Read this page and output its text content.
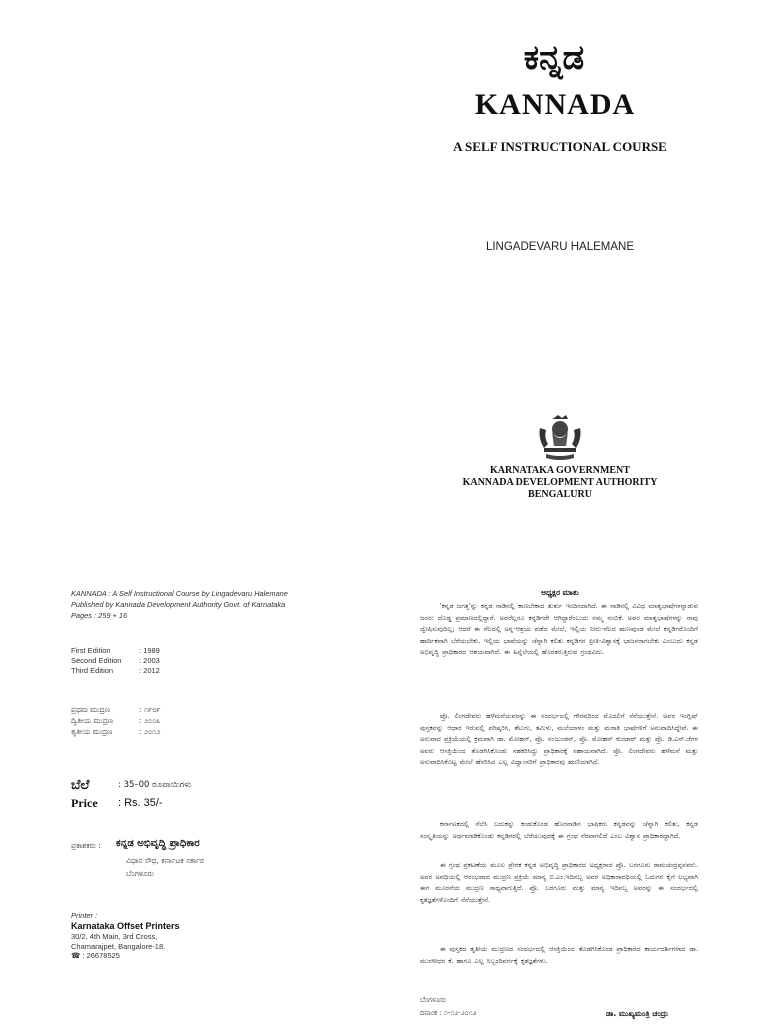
ಕನ್ನಡ
KANNADA
A SELF INSTRUCTIONAL COURSE
LINGADEVARU HALEMANE
KARNATAKA GOVERNMENT
KANNADA DEVELOPMENT AUTHORITY
BENGALURU
KANNADA : A Self Instructional Course by Lingadevaru Halemane
Published by Kannada Development Authority Govt. of Karnataka
Pages : 259 + 16
First Edition	: 1989
Second Edition : 2003
Third Edition	: 2012
ಪ್ರಥಮ ಮುದ್ರಣ	: ೧೯೮೯
ದ್ವಿತೀಯ ಮುದ್ರಣ	: ೨೦೦೩
ತೃತೀಯ ಮುದ್ರಣ	: ೨೦೧೨
ಬೆಲೆ	: 35–00 ರೂಪಾಯಿಗಳು
Price : Rs. 35/-
ಪ್ರಕಾಶಕರು : ಕನ್ನಡ ಅಭಿವೃದ್ಧಿ ಪ್ರಾಧಿಕಾರ
ವಿಧಾನ ಸೌಧ, ಕರ್ನಾಟಕ ಸರ್ಕಾರ
ಬೆಂಗಳೂರು
Printer :
Karnataka Offset Printers
30/2, 4th Main, 3rd Cross,
Chamarajpet, Bangalore-18.
☎ : 26678525
ಅಧ್ಯಕ್ಷರ ಮಾತು
'ಕನ್ನಡ ಜಗತ್ತ'ನ್ನು ಕನ್ನಡ ನಾಡಿನಲ್ಲಿ ಕಾಣಬೇಕಾದ ತುರ್ತು ಇಂದಿನದಾಗಿದೆ. ಈ ನಾಡಿನಲ್ಲಿ ವಿವಿಧ ಮಾತೃಭಾಷೆಗಳನ್ನಾಡುವ ಜನರು ದೊಡ್ಡ ಪ್ರಮಾಣದಲ್ಲಿದ್ದಾರೆ. ಅವರೆಲ್ಲರೂ ಕನ್ನಡಿಗರೇ ಆಗಿದ್ದಾರೆಂಬುದು ನಮ್ಮ ನಂಬಿಕೆ. ಅವರ ಮಾತೃಭಾಷೆಗಳನ್ನು ನಾವು ದ್ವೇಷಿಸುವುದಿಲ್ಲ; ಆದರೆ ಈ ನೆಲದಲ್ಲಿ ಅನ್ನ-ಆಶ್ರಯ ಪಡೆದ ಮೇಲೆ, ಇಲ್ಲಿಯ ನೀರು-ನೆಲದ ಋಣವುಂಡ ಮೇಲೆ ಕನ್ನಡಿಗರೊಂದಿಗೆ ಹಾರ್ದಿಕವಾಗಿ ಬೆರೆಯಬೇಕು. ಇಲ್ಲಿಯ ಭಾಷೆಯನ್ನು ಚೆನ್ನಾಗಿ ಕಲಿತು ಕನ್ನಡಿಗರ ಪ್ರೀತಿ-ವಿಶ್ವಾಸಕ್ಕೆ ಭಾಜನರಾಗಬೇಕು ಎಂಬುದು ಕನ್ನಡ ಅಭಿವೃದ್ಧಿ ಪ್ರಾಧಿಕಾರದ ಆಶಯವಾಗಿದೆ. ಈ ಹಿನ್ನೆಲೆಯಲ್ಲಿ ಹೊರತರುತ್ತಿರುವ ಗ್ರಂಥವಿದು.
ಪ್ರೊ. ಲಿಂಗದೇವರು ಹಳೆಮನೆಯವರನ್ನು ಈ ಸಂದರ್ಭದಲ್ಲಿ ಗೌರವದಿಂದ ಮೊದಲಿಗೆ ನೆನೆಯುತ್ತೇನೆ. ಅವರ ಇಂಗ್ಲಿಷ್ ಪುಸ್ತಕವನ್ನು ಆಧಾರ ಇರುವಲ್ಲಿ ಪರಿಷ್ಕರಿಸಿ, ತೆಲುಗು, ತಮಿಳು, ಮಲೆಯಾಳಂ ಮತ್ತು ಮರಾಠಿ ಭಾಷೆಗಳಿಗೆ ಅನುವಾದಿಸಿದ್ದೇವೆ. ಈ ಅನುವಾದ ಪ್ರಕ್ರಿಯೆಯಲ್ಲಿ ಕ್ರಮವಾಗಿ ಡಾ. ಮೋಹನ್, ಪ್ರೊ. ನಂಜುಂಡನ್, ಪ್ರೊ. ಮೋಹನ್ ಕುಂಟಾರ್ ಮತ್ತು ಪ್ರೊ. ಡಿ.ಎಸ್.ಜೆಗಳ ಅವರು ಆಸಕ್ತಿಯಿಂದ ತೊಡಗಿಸಿಕೊಂಡು ಸಹಕರಿಸಿದ್ದು ಪ್ರಾಧಿಕಾರಕ್ಕೆ ಸಹಾಯವಾಗಿದೆ. ಪ್ರೊ. ಲಿಂಗದೇವರು ಹಳೆಮನೆ ಮತ್ತು ಅನುವಾದಿಸಿಕೊಟ್ಟ ಮೇಲೆ ಹೆಸರಿಸಿದ ಎಲ್ಲ ವಿದ್ವಾಂಸರಿಗೆ ಪ್ರಾಧಿಕಾರವು ಋಣಿಯಾಗಿದೆ.
ಕರ್ನಾಟಕದಲ್ಲಿ ನೆಲೆಸಿ ಬದುಕನ್ನು ಕಂಡುಕೊಂಡ ಹೊರನಾಡಿನ ಭಾಷಿಕರು ಕನ್ನಡವನ್ನು ಚೆನ್ನಾಗಿ ಕಲಿತು, ಕನ್ನಡ ಸಂಸ್ಕೃತಿಯನ್ನು ಅರ್ಥಮಾಡಿಕೊಂಡು ಕನ್ನಡಿಗರಲ್ಲಿ ಬೆರೆಯುವುದಕ್ಕೆ ಈ ಗ್ರಂಥ ನೆರವಾಗಲಿದೆ ಎಂಬ ವಿಶ್ವಾಸ ಪ್ರಾಧಿಕಾರದ್ದಾಗಿದೆ.
ಈ ಗ್ರಂಥ ಪ್ರಕಟಣೆಯ ಮೂಲ ಪ್ರೇರಕ ಕನ್ನಡ ಅಭಿವೃದ್ಧಿ ಪ್ರಾಧಿಕಾರದ ಅಧ್ಯಕ್ಷರಾದ ಪ್ರೊ. ಬರಗೂರು ರಾಮಚಂದ್ರಪ್ಪನವರು. ಅವರ ಅವಧಿಯಲ್ಲಿ ಆರಂಭವಾದ ಮುದ್ರಣ ಪ್ರಕ್ರಿಯೆ ಮಾನ್ಯ ಬಿ.ಎಂ.ಇದಿನಬ್ಬ ಅವರ ಅಧಿಕಾರಾವಧಿಯಲ್ಲಿ ಓದುಗರ ಕೈಗೆ ಲಭ್ಯವಾಗಿ ಈಗ ಮೂರನೆಯ ಮುದ್ರಣ ಸಾಧ್ಯವಾಗುತ್ತಿದೆ. ಪ್ರೊ. ಬರಗೂರು ಮತ್ತು ಮಾನ್ಯ ಇದಿನಬ್ಬ ಅವರನ್ನು ಈ ಸಂದರ್ಭದಲ್ಲಿ ಕೃತಜ್ಞತೆಗಳೊಂದಿಗೆ ನೆನೆಯುತ್ತೇನೆ.
ಈ ಪುಸ್ತಕದ ತೃತೀಯ ಮುದ್ರಣದ ಸಂದರ್ಭದಲ್ಲಿ ಆಸಕ್ತಿಯಿಂದ ತೊಡಗಿಸಿಕೊಂಡ ಪ್ರಾಧಿಕಾರದ ಕಾರ್ಯದರ್ಶಿಗಳಾದ ಡಾ. ಮುರಳೀಧರ ಕೆ. ಹಾಗೂ ಎಲ್ಲ ಸಿಬ್ಬಂದಿವರ್ಗಕ್ಕೆ ಕೃತಜ್ಞತೆಗಳು.
ಬೆಂಗಳೂರು
ದಿನಾಂಕ : ೧-೧೨-೨೦೧೨	ಡಾ. ಮುಖ್ಯಮಂತ್ರಿ ಚಂದ್ರು
